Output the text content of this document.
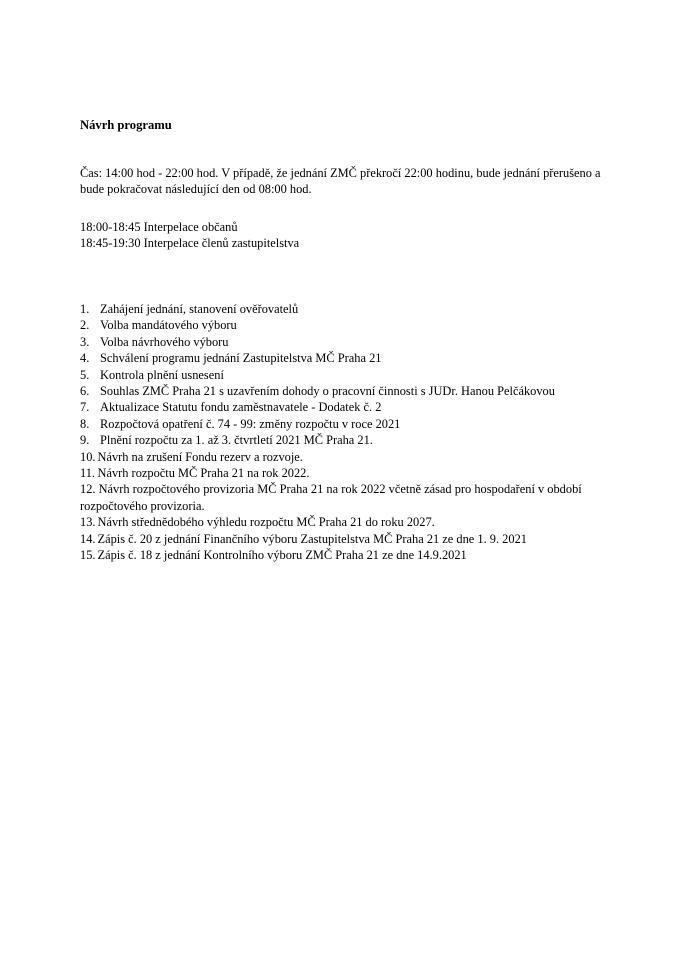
Návrh programu
Čas: 14:00 hod - 22:00 hod. V případě, že jednání ZMČ překročí 22:00 hodinu, bude jednání přerušeno a bude pokračovat následující den od 08:00 hod.
18:00-18:45 Interpelace občanů
18:45-19:30 Interpelace členů zastupitelstva
1. Zahájení jednání, stanovení ověřovatelů
2. Volba mandátového výboru
3. Volba návrhového výboru
4. Schválení programu jednání Zastupitelstva MČ Praha 21
5. Kontrola plnění usnesení
6. Souhlas ZMČ Praha 21 s uzavřením dohody o pracovní činnosti s JUDr. Hanou Pelčákovou
7. Aktualizace Statutu fondu zaměstnavatele - Dodatek č. 2
8. Rozpočtová opatření č. 74 - 99: změny rozpočtu v roce 2021
9. Plnění rozpočtu za 1. až 3. čtvrtletí 2021 MČ Praha 21.
10. Návrh na zrušení Fondu rezerv a rozvoje.
11. Návrh rozpočtu MČ Praha 21 na rok 2022.
12. Návrh rozpočtového provizoria MČ Praha 21 na rok 2022 včetně zásad pro hospodaření v období rozpočtového provizoria.
13. Návrh střednědobého výhledu rozpočtu MČ Praha 21 do roku 2027.
14. Zápis č. 20 z jednání Finančního výboru Zastupitelstva MČ Praha 21 ze dne 1. 9. 2021
15. Zápis č. 18 z jednání Kontrolního výboru ZMČ Praha 21 ze dne 14.9.2021
